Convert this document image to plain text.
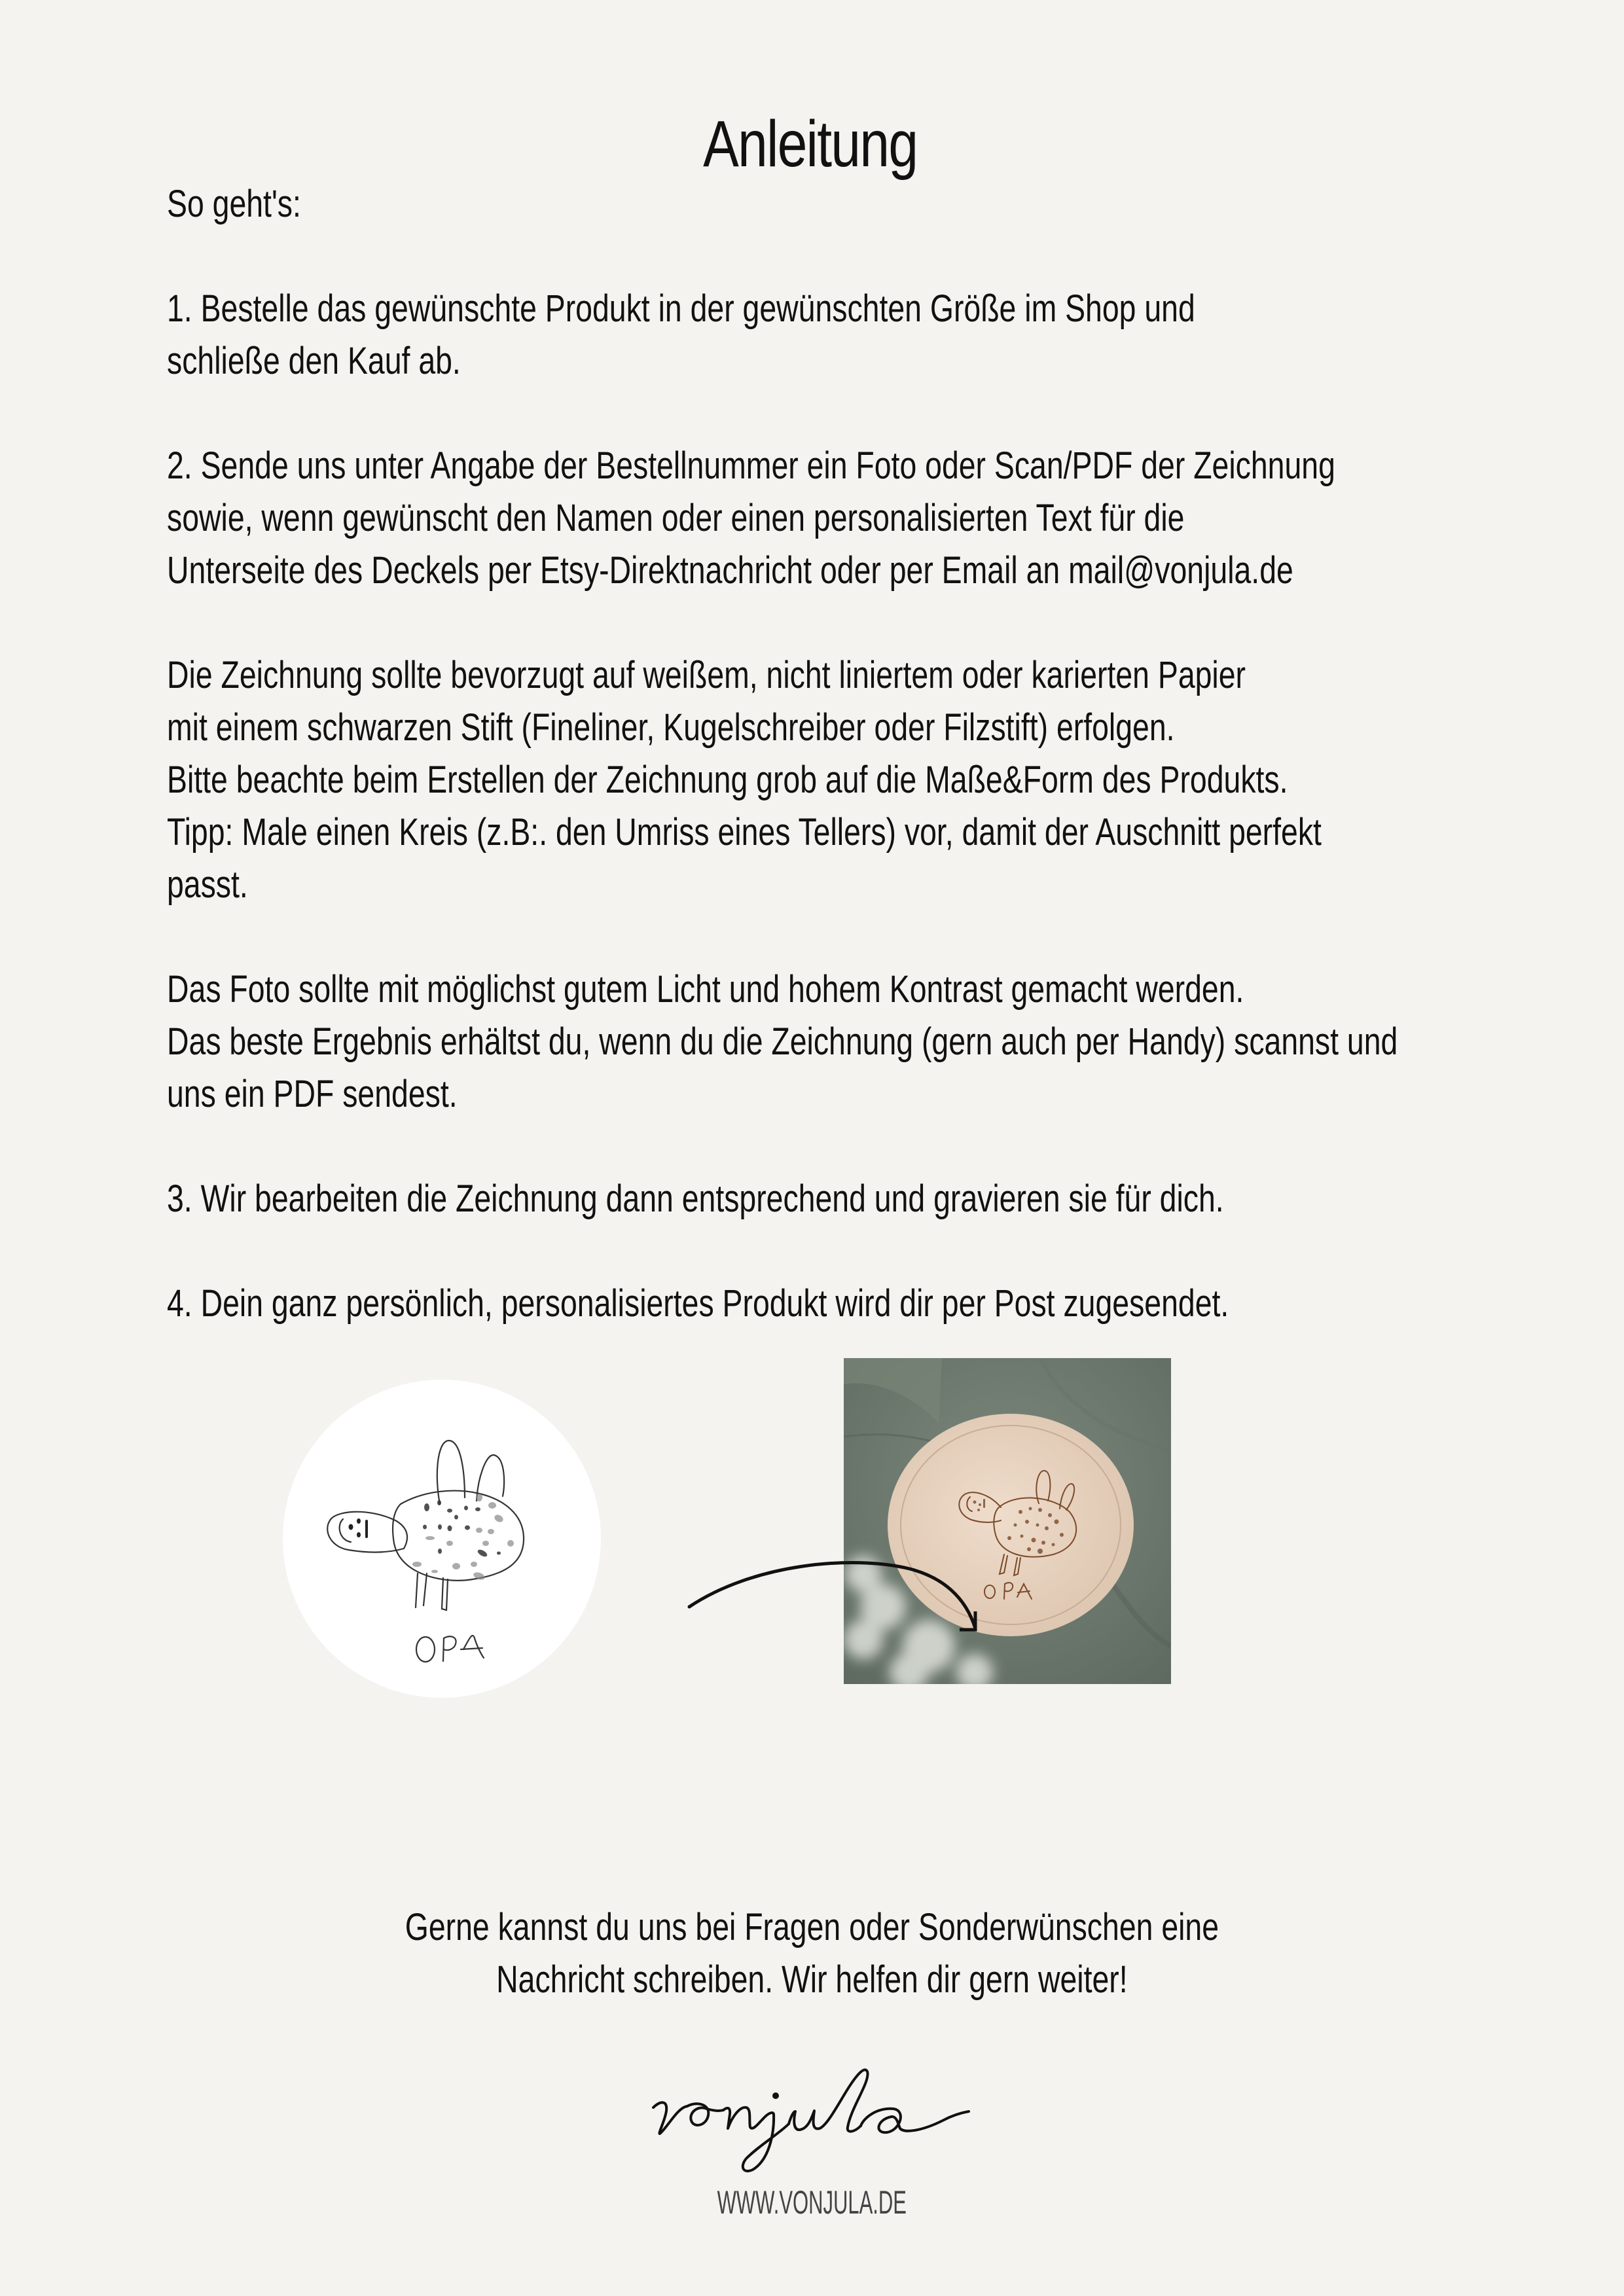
Anleitung
So geht's:
1. Bestelle das gewünschte Produkt in der gewünschten Größe im Shop und
schließe den Kauf ab.
2. Sende uns unter Angabe der Bestellnummer ein Foto oder Scan/PDF der Zeichnung
sowie, wenn gewünscht den Namen oder einen personalisierten Text für die
Unterseite des Deckels per Etsy-Direktnachricht oder per Email an mail@vonjula.de
Die Zeichnung sollte bevorzugt auf weißem, nicht liniertem oder karierten Papier
mit einem schwarzen Stift (Fineliner, Kugelschreiber oder Filzstift) erfolgen.
Bitte beachte beim Erstellen der Zeichnung grob auf die Maße&Form des Produkts.
Tipp: Male einen Kreis (z.B:. den Umriss eines Tellers) vor, damit der Auschnitt perfekt
passt.
Das Foto sollte mit möglichst gutem Licht und hohem Kontrast gemacht werden.
Das beste Ergebnis erhältst du, wenn du die Zeichnung (gern auch per Handy) scannst und
uns ein PDF sendest.
3. Wir bearbeiten die Zeichnung dann entsprechend und gravieren sie für dich.
4. Dein ganz persönlich, personalisiertes Produkt wird dir per Post zugesendet.
Gerne kannst du uns bei Fragen oder Sonderwünschen eine
Nachricht schreiben. Wir helfen dir gern weiter!
WWW.VONJULA.DE
